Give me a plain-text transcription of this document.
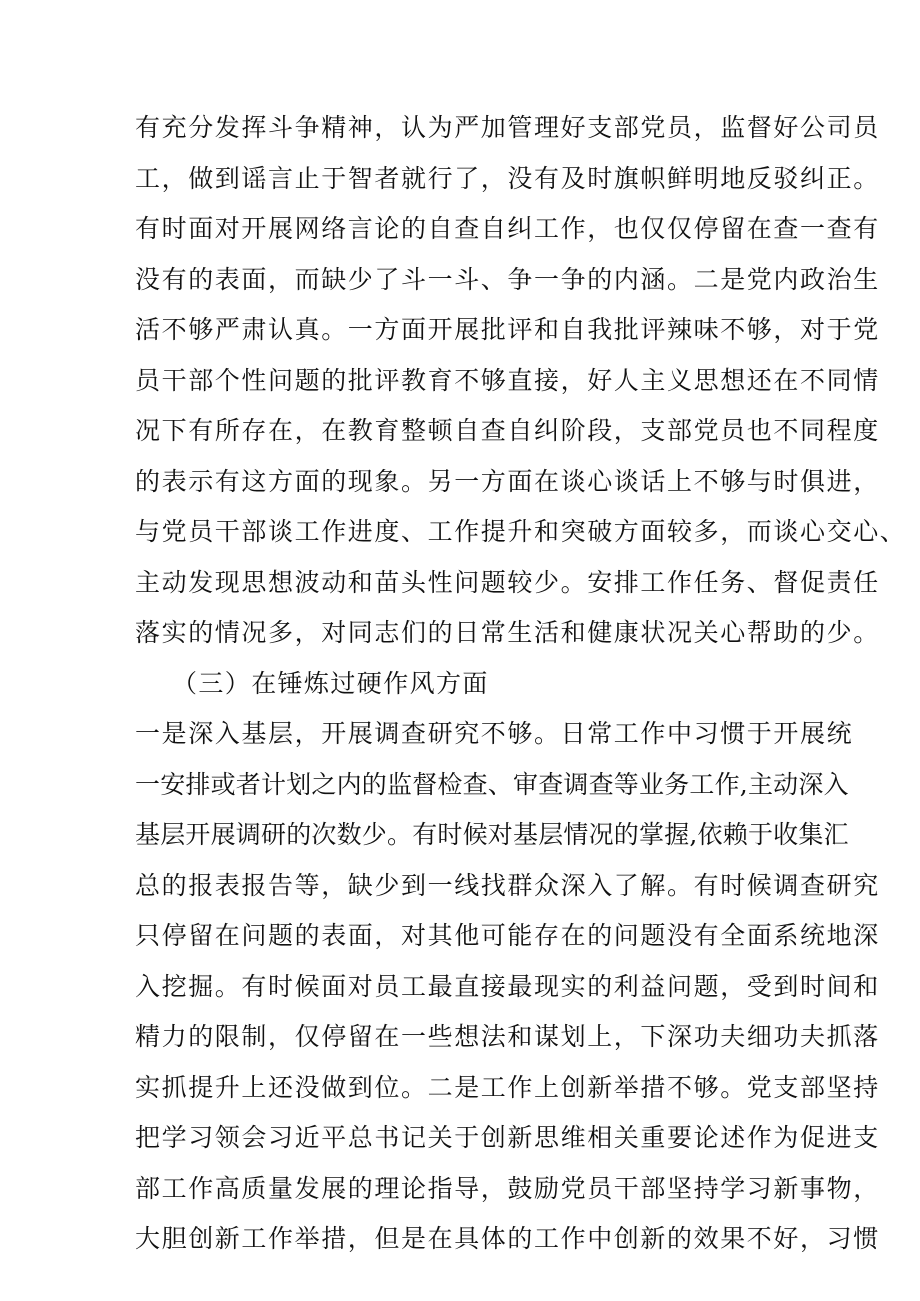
有充分发挥斗争精神，认为严加管理好支部党员，监督好公司员
工，做到谣言止于智者就行了，没有及时旗帜鲜明地反驳纠正。
有时面对开展网络言论的自查自纠工作，也仅仅停留在查一查有
没有的表面，而缺少了斗一斗、争一争的内涵。二是党内政治生
活不够严肃认真。一方面开展批评和自我批评辣味不够，对于党
员干部个性问题的批评教育不够直接，好人主义思想还在不同情
况下有所存在，在教育整顿自查自纠阶段，支部党员也不同程度
的表示有这方面的现象。另一方面在谈心谈话上不够与时俱进，
与党员干部谈工作进度、工作提升和突破方面较多，而谈心交心、
主动发现思想波动和苗头性问题较少。安排工作任务、督促责任
落实的情况多，对同志们的日常生活和健康状况关心帮助的少。
（三）在锤炼过硬作风方面
一是深入基层，开展调查研究不够。日常工作中习惯于开展统
一安排或者计划之内的监督检查、审查调查等业务工作,主动深入
基层开展调研的次数少。有时候对基层情况的掌握,依赖于收集汇
总的报表报告等，缺少到一线找群众深入了解。有时候调查研究
只停留在问题的表面，对其他可能存在的问题没有全面系统地深
入挖掘。有时候面对员工最直接最现实的利益问题，受到时间和
精力的限制，仅停留在一些想法和谋划上，下深功夫细功夫抓落
实抓提升上还没做到位。二是工作上创新举措不够。党支部坚持
把学习领会习近平总书记关于创新思维相关重要论述作为促进支
部工作高质量发展的理论指导，鼓励党员干部坚持学习新事物，
大胆创新工作举措，但是在具体的工作中创新的效果不好，习惯
